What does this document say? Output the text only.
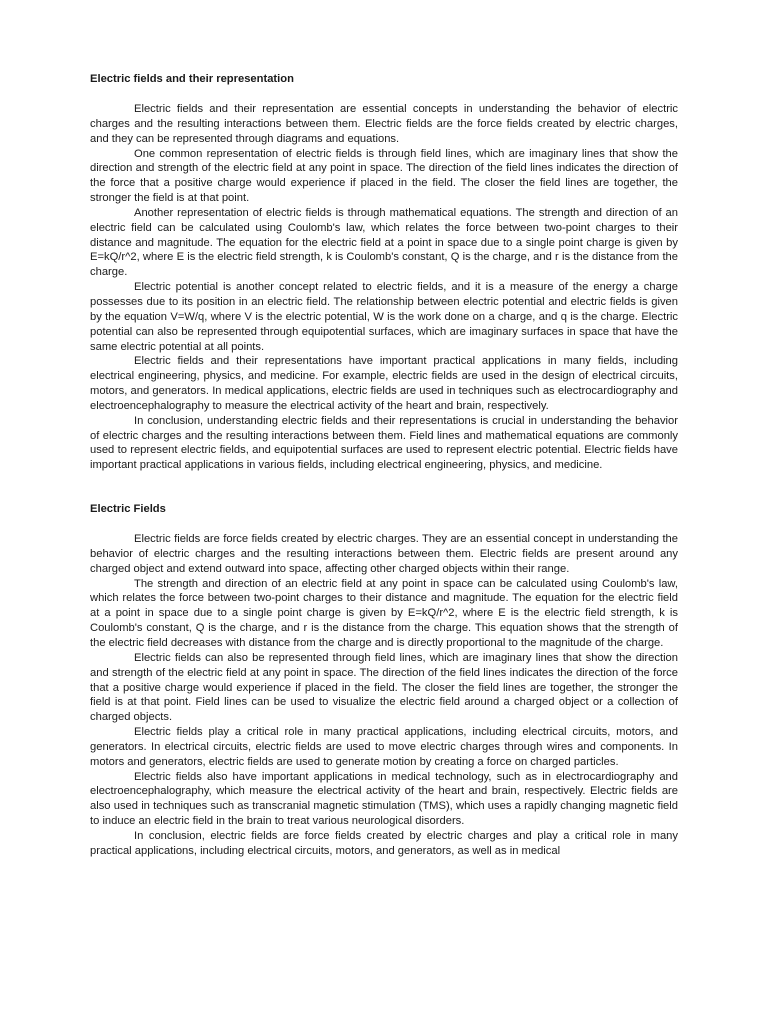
Electric fields and their representation

Electric fields and their representation are essential concepts in understanding the behavior of electric charges and the resulting interactions between them. Electric fields are the force fields created by electric charges, and they can be represented through diagrams and equations.

One common representation of electric fields is through field lines, which are imaginary lines that show the direction and strength of the electric field at any point in space. The direction of the field lines indicates the direction of the force that a positive charge would experience if placed in the field. The closer the field lines are together, the stronger the field is at that point.

Another representation of electric fields is through mathematical equations. The strength and direction of an electric field can be calculated using Coulomb's law, which relates the force between two-point charges to their distance and magnitude. The equation for the electric field at a point in space due to a single point charge is given by E=kQ/r^2, where E is the electric field strength, k is Coulomb's constant, Q is the charge, and r is the distance from the charge.

Electric potential is another concept related to electric fields, and it is a measure of the energy a charge possesses due to its position in an electric field. The relationship between electric potential and electric fields is given by the equation V=W/q, where V is the electric potential, W is the work done on a charge, and q is the charge. Electric potential can also be represented through equipotential surfaces, which are imaginary surfaces in space that have the same electric potential at all points.

Electric fields and their representations have important practical applications in many fields, including electrical engineering, physics, and medicine. For example, electric fields are used in the design of electrical circuits, motors, and generators. In medical applications, electric fields are used in techniques such as electrocardiography and electroencephalography to measure the electrical activity of the heart and brain, respectively.

In conclusion, understanding electric fields and their representations is crucial in understanding the behavior of electric charges and the resulting interactions between them. Field lines and mathematical equations are commonly used to represent electric fields, and equipotential surfaces are used to represent electric potential. Electric fields have important practical applications in various fields, including electrical engineering, physics, and medicine.

Electric Fields

Electric fields are force fields created by electric charges. They are an essential concept in understanding the behavior of electric charges and the resulting interactions between them. Electric fields are present around any charged object and extend outward into space, affecting other charged objects within their range.

The strength and direction of an electric field at any point in space can be calculated using Coulomb's law, which relates the force between two-point charges to their distance and magnitude. The equation for the electric field at a point in space due to a single point charge is given by E=kQ/r^2, where E is the electric field strength, k is Coulomb's constant, Q is the charge, and r is the distance from the charge. This equation shows that the strength of the electric field decreases with distance from the charge and is directly proportional to the magnitude of the charge.

Electric fields can also be represented through field lines, which are imaginary lines that show the direction and strength of the electric field at any point in space. The direction of the field lines indicates the direction of the force that a positive charge would experience if placed in the field. The closer the field lines are together, the stronger the field is at that point. Field lines can be used to visualize the electric field around a charged object or a collection of charged objects.

Electric fields play a critical role in many practical applications, including electrical circuits, motors, and generators. In electrical circuits, electric fields are used to move electric charges through wires and components. In motors and generators, electric fields are used to generate motion by creating a force on charged particles.

Electric fields also have important applications in medical technology, such as in electrocardiography and electroencephalography, which measure the electrical activity of the heart and brain, respectively. Electric fields are also used in techniques such as transcranial magnetic stimulation (TMS), which uses a rapidly changing magnetic field to induce an electric field in the brain to treat various neurological disorders.

In conclusion, electric fields are force fields created by electric charges and play a critical role in many practical applications, including electrical circuits, motors, and generators, as well as in medical
